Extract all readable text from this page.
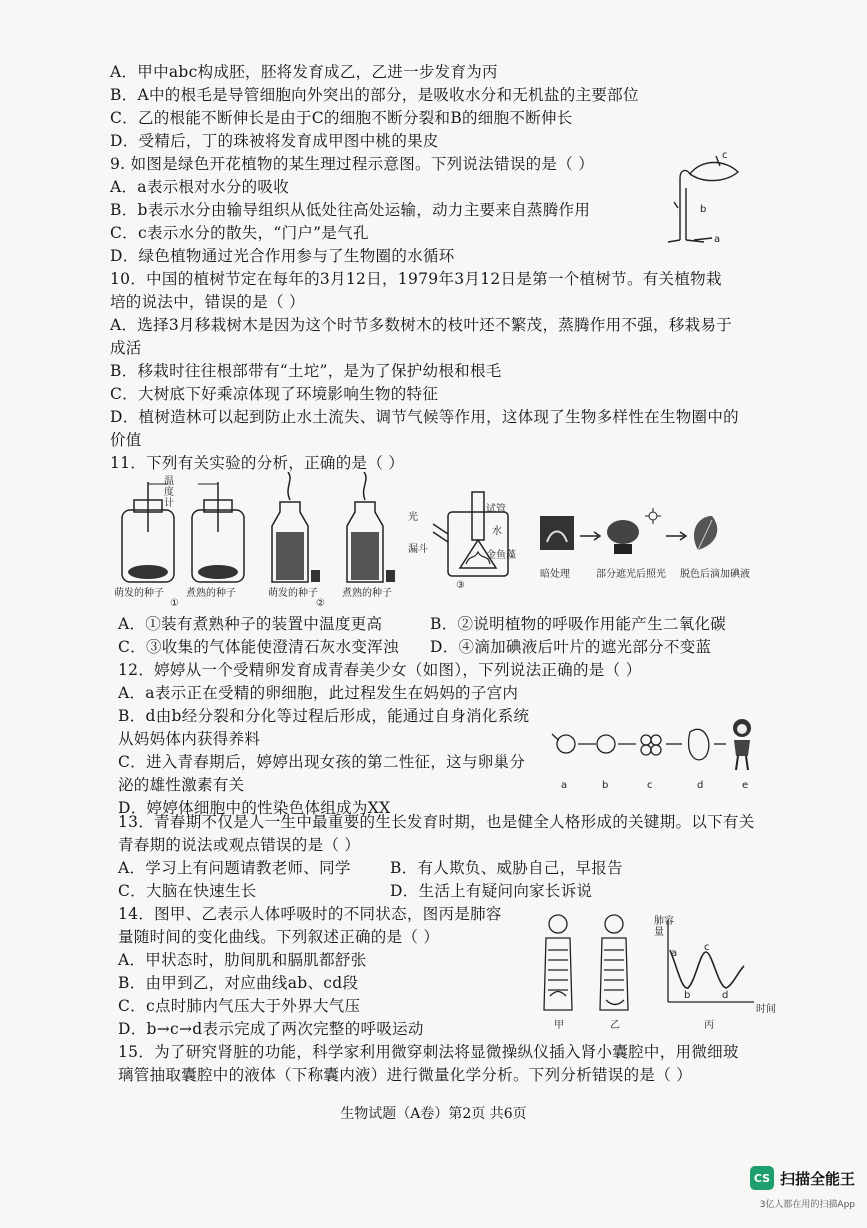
A．甲中abc构成胚，胚将发育成乙，乙进一步发育为丙
B．A中的根毛是导管细胞向外突出的部分，是吸收水分和无机盐的主要部位
C．乙的根能不断伸长是由于C的细胞不断分裂和B的细胞不断伸长
D．受精后，丁的珠被将发育成甲图中桃的果皮
9. 如图是绿色开花植物的某生理过程示意图。下列说法错误的是（ ）
A．a表示根对水分的吸收
B．b表示水分由输导组织从低处往高处运输，动力主要来自蒸腾作用
C．c表示水分的散失，“门户”是气孔
D．绿色植物通过光合作用参与了生物圈的水循环
10．中国的植树节定在每年的3月12日，1979年3月12日是第一个植树节。有关植物栽
培的说法中，错误的是（ ）
A．选择3月移栽树木是因为这个时节多数树木的枝叶还不繁茂，蒸腾作用不强，移栽易于
成活
B．移栽时往往根部带有“土坨”，是为了保护幼根和根毛
C．大树底下好乘凉体现了环境影响生物的特征
D．植树造林可以起到防止水土流失、调节气候等作用，这体现了生物多样性在生物圈中的
价值
11．下列有关实验的分析，正确的是（ ）
温
度
计
萌发的种子 煮熟的种子
①
萌发的种子 煮熟的种子
②
光
漏斗
试管
水
金鱼藻
③
暗处理	部分遮光后照光 脱色后滴加碘液
A．①装有煮熟种子的装置中温度更高	B．②说明植物的呼吸作用能产生二氧化碳
C．③收集的气体能使澄清石灰水变浑浊 D．④滴加碘液后叶片的遮光部分不变蓝
12．婷婷从一个受精卵发育成青春美少女（如图），下列说法正确的是（ ）
A．a表示正在受精的卵细胞，此过程发生在妈妈的子宫内
B．d由b经分裂和分化等过程后形成，能通过自身消化系统
从妈妈体内获得养料
C．进入青春期后，婷婷出现女孩的第二性征，这与卵巢分
泌的雄性激素有关
D．婷婷体细胞中的性染色体组成为XX
a	b	c	d	e
13．青春期不仅是人一生中最重要的生长发育时期，也是健全人格形成的关键期。以下有关
青春期的说法或观点错误的是（ ）
A．学习上有问题请教老师、同学	B．有人欺负、威胁自己，早报告
C．大脑在快速生长	D．生活上有疑问向家长诉说
14．图甲、乙表示人体呼吸时的不同状态，图丙是肺容
量随时间的变化曲线。下列叙述正确的是（ ）
A．甲状态时，肋间肌和膈肌都舒张
B．由甲到乙，对应曲线ab、cd段
C．c点时肺内气压大于外界大气压
D．b→c→d表示完成了两次完整的呼吸运动
肺容量
时间
a
b
c
d
甲	乙	丙
c
b
a
15．为了研究肾脏的功能，科学家利用微穿刺法将显微操纵仪插入肾小囊腔中，用微细玻
璃管抽取囊腔中的液体（下称囊内液）进行微量化学分析。下列分析错误的是（ ）
生物试题（A卷）第2页 共6页
CS 扫描全能王
3亿人都在用的扫描App
